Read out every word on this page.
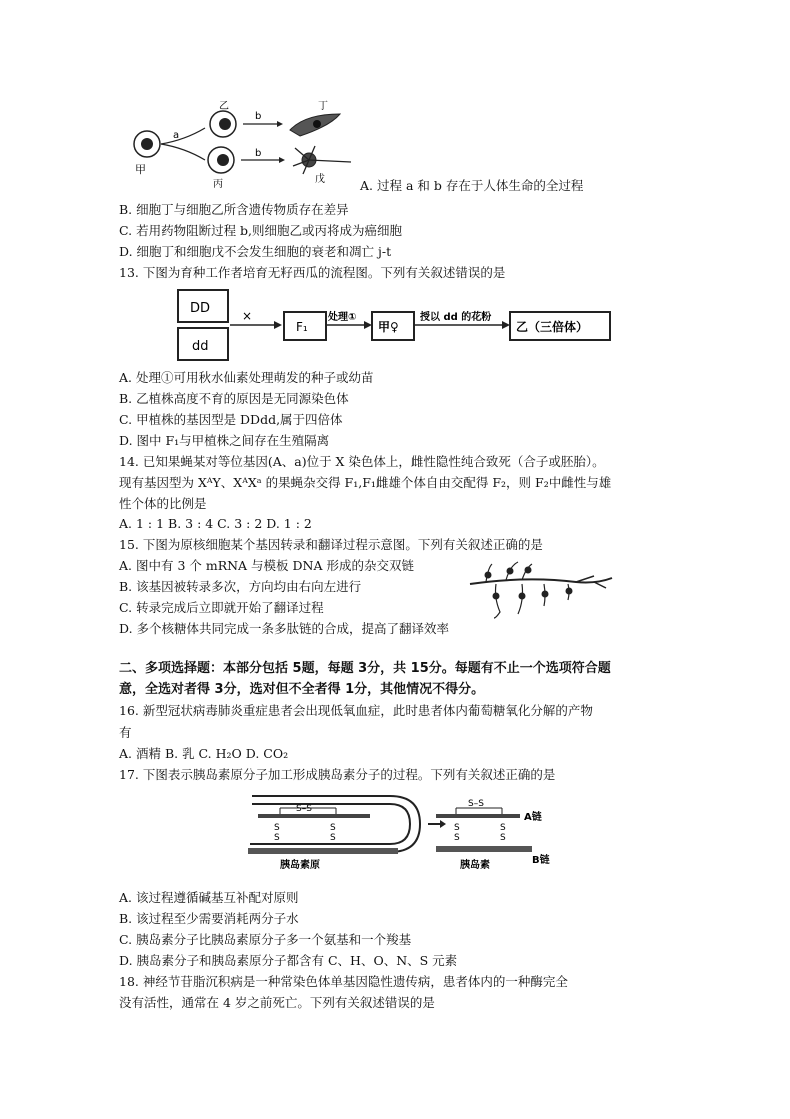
甲
a
乙
丙
b
b
丁
戊	A. 过程 a 和 b 存在于人体生命的全过程
B. 细胞丁与细胞乙所含遗传物质存在差异
C. 若用药物阻断过程 b,则细胞乙或丙将成为癌细胞
D. 细胞丁和细胞戊不会发生细胞的衰老和凋亡 j-t
13. 下图为育种工作者培育无籽西瓜的流程图。下列有关叙述错误的是
DD
dd
×
F₁
处理①
甲♀
授以 dd 的花粉
乙（三倍体）
A. 处理①可用秋水仙素处理萌发的种子或幼苗
B. 乙植株高度不育的原因是无同源染色体
C. 甲植株的基因型是 DDdd,属于四倍体
D. 图中 F₁与甲植株之间存在生殖隔离
14. 已知果蝇某对等位基因(A、a)位于 X 染色体上，雌性隐性纯合致死（合子或胚胎）。
现有基因型为 XᴬY、XᴬXᵃ 的果蝇杂交得 F₁,F₁雌雄个体自由交配得 F₂，则 F₂中雌性与雄
性个体的比例是
A. 1 : 1 B. 3 : 4 C. 3 : 2 D. 1 : 2
15. 下图为原核细胞某个基因转录和翻译过程示意图。下列有关叙述正确的是
A. 图中有 3 个 mRNA 与模板 DNA 形成的杂交双链
B. 该基因被转录多次，方向均由右向左进行
C. 转录完成后立即就开始了翻译过程
D. 多个核糖体共同完成一条多肽链的合成，提高了翻译效率
二、多项选择题：本部分包括 5题，每题 3分，共 15分。每题有不止一个选项符合题
意，全选对者得 3分，选对但不全者得 1分，其他情况不得分。
16. 新型冠状病毒肺炎重症患者会出现低氧血症，此时患者体内葡萄糖氧化分解的产物
有
A. 酒精 B. 乳 C. H₂O D. CO₂
17. 下图表示胰岛素原分子加工形成胰岛素分子的过程。下列有关叙述正确的是
S–S
S
S
S
S
胰岛素原
S–S
S
S
S
S
A链
B链
胰岛素
A. 该过程遵循碱基互补配对原则
B. 该过程至少需要消耗两分子水
C. 胰岛素分子比胰岛素原分子多一个氨基和一个羧基
D. 胰岛素分子和胰岛素原分子都含有 C、H、O、N、S 元素
18. 神经节苷脂沉积病是一种常染色体单基因隐性遗传病，患者体内的一种酶完全
没有活性，通常在 4 岁之前死亡。下列有关叙述错误的是
